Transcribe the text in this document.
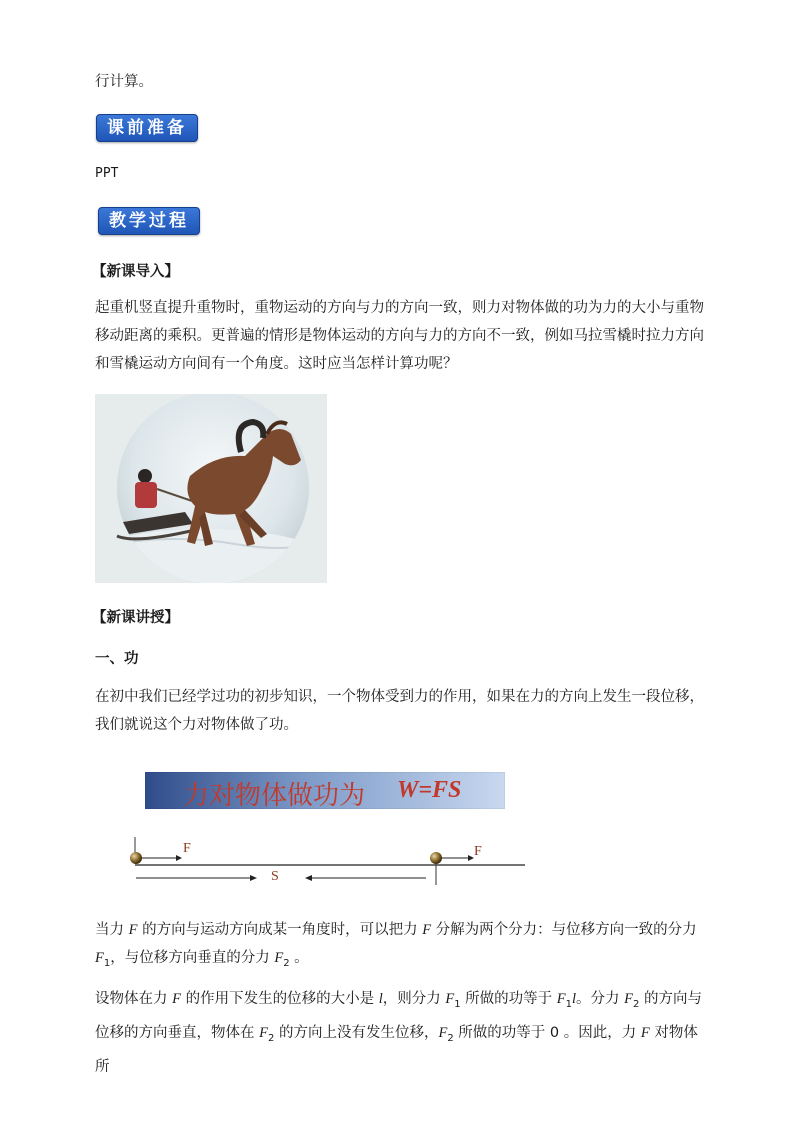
行计算。
课前准备
PPT
教学过程
【新课导入】
起重机竖直提升重物时，重物运动的方向与力的方向一致，则力对物体做的功为力的大小与重物移动距离的乘积。更普遍的情形是物体运动的方向与力的方向不一致，例如马拉雪橇时拉力方向和雪橇运动方向间有一个角度。这时应当怎样计算功呢？
【新课讲授】
一、功
在初中我们已经学过功的初步知识，一个物体受到力的作用，如果在力的方向上发生一段位移，我们就说这个力对物体做了功。
力对物体做功为 W=FS
F	F
S
当力 F 的方向与运动方向成某一角度时，可以把力 F 分解为两个分力：与位移方向一致的分力 $F_1$，与位移方向垂直的分力 $F_2$ 。
设物体在力 F 的作用下发生的位移的大小是 l，则分力 $F_1$ 所做的功等于 $F_1l$。分力 $F_2$ 的方向与位移的方向垂直，物体在 $F_2$ 的方向上没有发生位移，$F_2$ 所做的功等于 0 。因此，力 F 对物体所
